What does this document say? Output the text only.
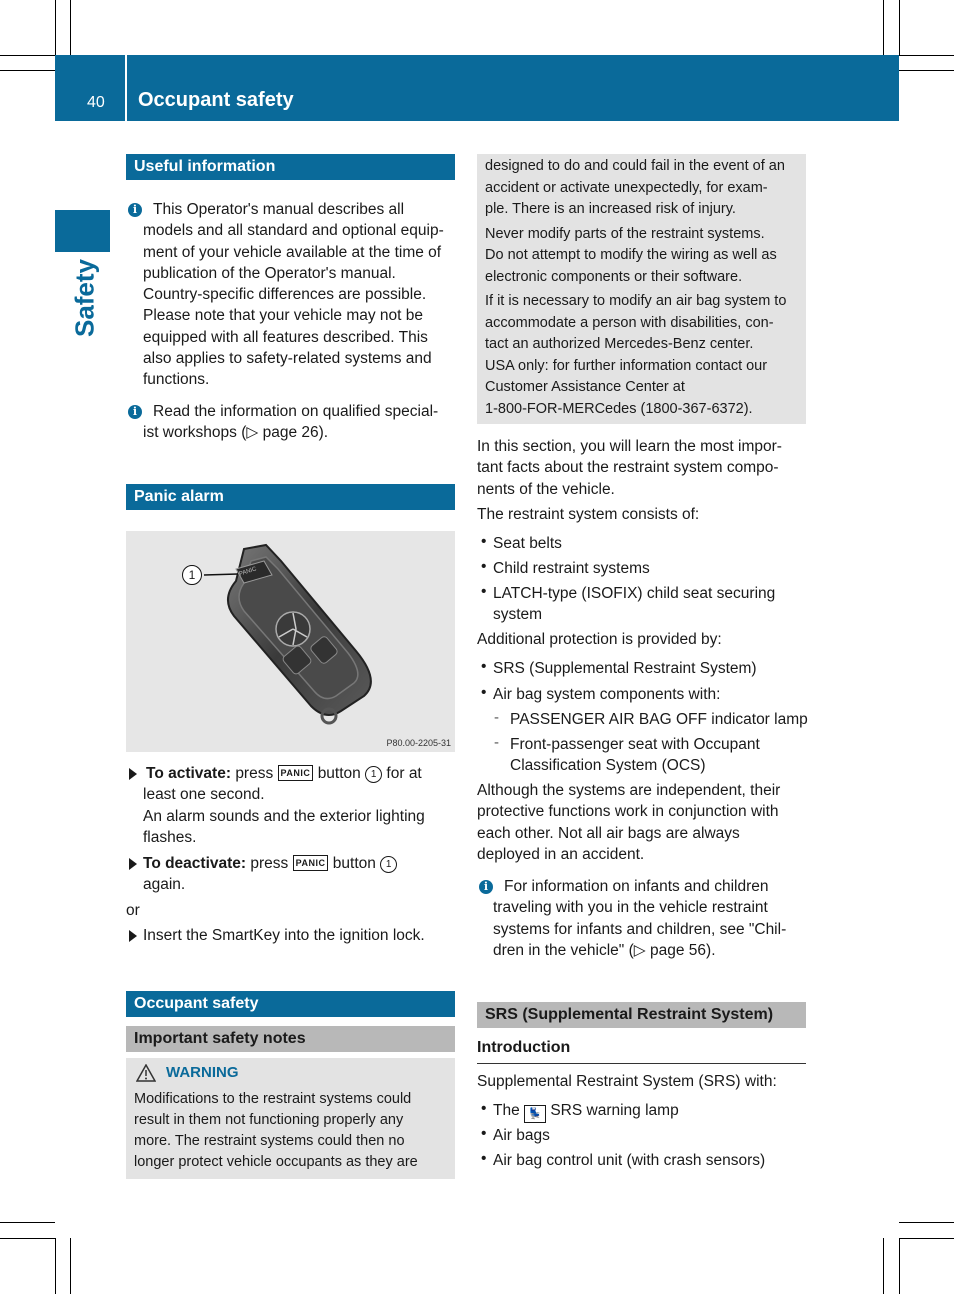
40 Occupant safety
Safety
Useful information
i	This Operator's manual describes all
models and all standard and optional equip-
ment of your vehicle available at the time of
publication of the Operator's manual.
Country-specific differences are possible.
Please note that your vehicle may not be
equipped with all features described. This
also applies to safety-related systems and
functions.
i	Read the information on qualified special-
ist workshops (▷ page 26).
Panic alarm
1	PANIC
P80.00-2205-31
To activate: press PANIC button 1 for at
least one second.
An alarm sounds and the exterior lighting
flashes.
To deactivate: press PANIC button 1
again.
or
Insert the SmartKey into the ignition lock.
Occupant safety
Important safety notes
WARNING
Modifications to the restraint systems could
result in them not functioning properly any
more. The restraint systems could then no
longer protect vehicle occupants as they are
designed to do and could fail in the event of an
accident or activate unexpectedly, for exam-
ple. There is an increased risk of injury.
Never modify parts of the restraint systems.
Do not attempt to modify the wiring as well as
electronic components or their software.
If it is necessary to modify an air bag system to
accommodate a person with disabilities, con-
tact an authorized Mercedes-Benz center.
USA only: for further information contact our
Customer Assistance Center at
1-800-FOR-MERCedes (1800-367-6372).
In this section, you will learn the most impor-
tant facts about the restraint system compo-
nents of the vehicle.
The restraint system consists of:
• Seat belts
• Child restraint systems
• LATCH-type (ISOFIX) child seat securing
system
Additional protection is provided by:
• SRS (Supplemental Restraint System)
• Air bag system components with:
- PASSENGER AIR BAG OFF indicator lamp
- Front-passenger seat with Occupant
Classification System (OCS)
Although the systems are independent, their
protective functions work in conjunction with
each other. Not all air bags are always
deployed in an accident.
i	For information on infants and children
traveling with you in the vehicle restraint
systems for infants and children, see "Chil-
dren in the vehicle" (▷ page 56).
SRS (Supplemental Restraint System)
Introduction
Supplemental Restraint System (SRS) with:
• The 💺 SRS warning lamp
• Air bags
• Air bag control unit (with crash sensors)
